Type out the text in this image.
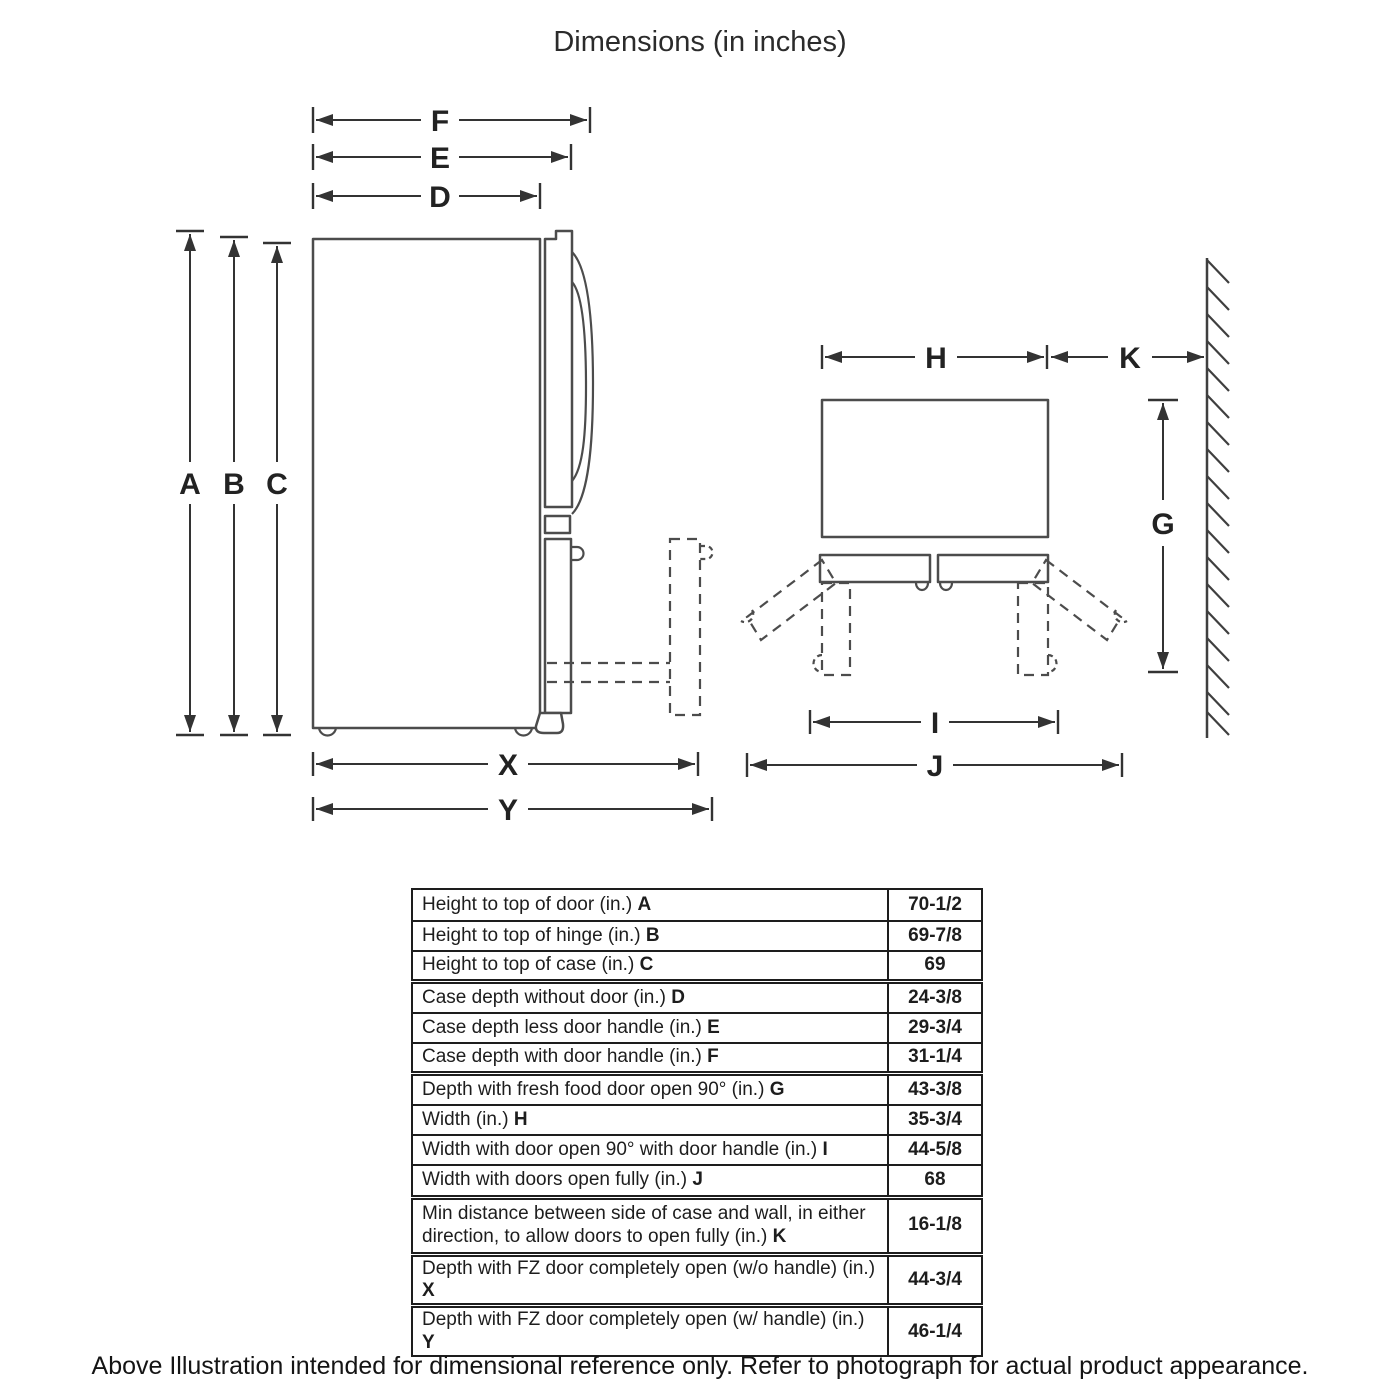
Dimensions (in inches)
F
E
D
A B C
X
Y
H	K
G
I
J
Height to top of door (in.) A	70-1/2
Height to top of hinge (in.) B	69-7/8
Height to top of case (in.) C	69
Case depth without door (in.) D	24-3/8
Case depth less door handle (in.) E	29-3/4
Case depth with door handle (in.) F	31-1/4
Depth with fresh food door open 90° (in.) G	43-3/8
Width (in.) H	35-3/4
Width with door open 90° with door handle (in.) I	44-5/8
Width with doors open fully (in.) J	68
Min distance between side of case and wall, in either direction, to allow doors to open fully (in.) K	16-1/8
Depth with FZ door completely open (w/o handle) (in.) X	44-3/4
Depth with FZ door completely open (w/ handle) (in.) Y	46-1/4
Above Illustration intended for dimensional reference only. Refer to photograph for actual product appearance.
